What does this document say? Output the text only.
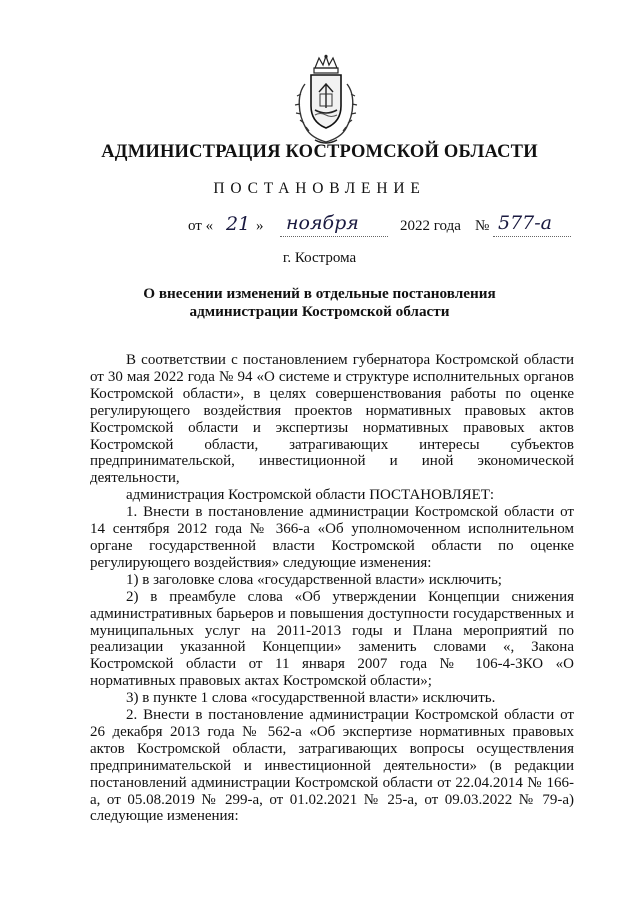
АДМИНИСТРАЦИЯ КОСТРОМСКОЙ ОБЛАСТИ
ПОСТАНОВЛЕНИЕ
от « 21 » ноября	2022 года № 577-а
г. Кострома
О внесении изменений в отдельные постановления
администрации Костромской области

В соответствии с постановлением губернатора Костромской области от 30 мая 2022 года № 94 «О системе и структуре исполнительных органов Костромской области», в целях совершенствования работы по оценке регулирующего воздействия проектов нормативных правовых актов Костромской области и экспертизы нормативных правовых актов Костромской области, затрагивающих интересы субъектов предпринимательской, инвестиционной и иной экономической деятельности,

администрация Костромской области ПОСТАНОВЛЯЕТ:

1. Внести в постановление администрации Костромской области от 14 сентября 2012 года № 366-а «Об уполномоченном исполнительном органе государственной власти Костромской области по оценке регулирующего воздействия» следующие изменения:

1) в заголовке слова «государственной власти» исключить;

2) в преамбуле слова «Об утверждении Концепции снижения административных барьеров и повышения доступности государственных и муниципальных услуг на 2011-2013 годы и Плана мероприятий по реализации указанной Концепции» заменить словами «, Закона Костромской области от 11 января 2007 года № 106-4-ЗКО «О нормативных правовых актах Костромской области»;

3) в пункте 1 слова «государственной власти» исключить.

2. Внести в постановление администрации Костромской области от 26 декабря 2013 года № 562-а «Об экспертизе нормативных правовых актов Костромской области, затрагивающих вопросы осуществления предпринимательской и инвестиционной деятельности» (в редакции постановлений администрации Костромской области от 22.04.2014 № 166-а, от 05.08.2019 № 299-а, от 01.02.2021 № 25-а, от 09.03.2022 № 79-а) следующие изменения:
